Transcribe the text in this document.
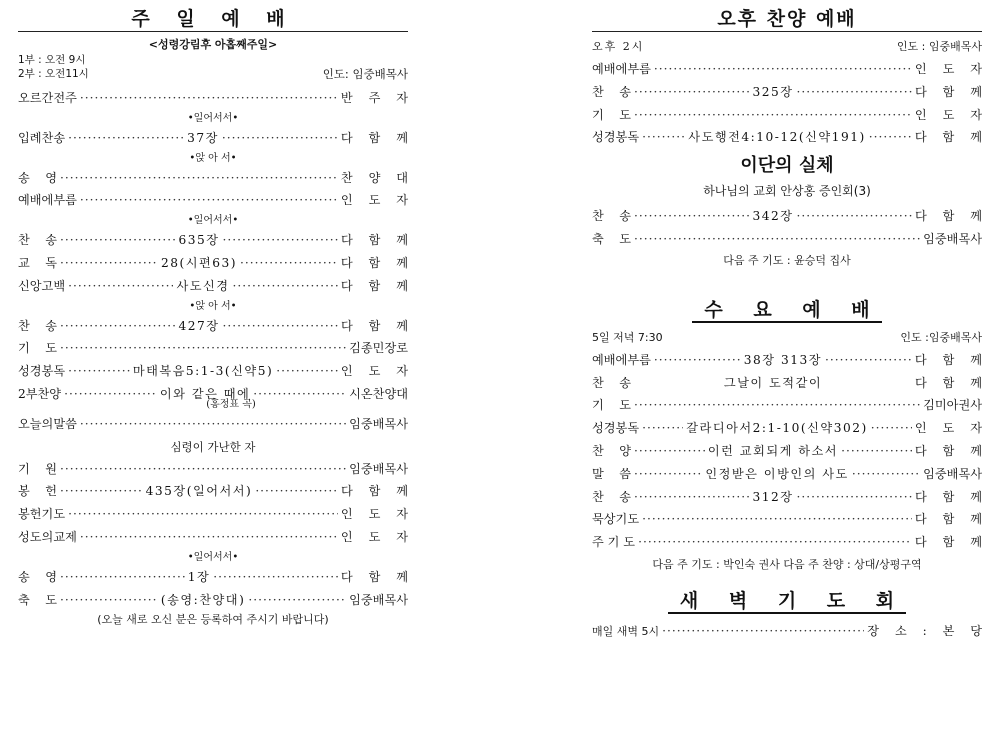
주 일 예 배
<성령강림후 아홉째주일>
1부 : 오전 9시
2부 : 오전11시	인도: 임중배목사
오르간전주 ·····	반 주 자
•일어서서•
입례찬송 ·····	37장 ·····	다 함 께
•앉 아 서•
송    영 ·····	찬 양 대
예배에부름 ·····	인 도 자
•일어서서•
찬    송 ·····	635장 ·····	다 함 께
교    독 ·····	28(시편63) ·····	다 함 께
신앙고백 ·····	사도신경 ·····	다 함 께
•앉 아 서•
찬    송 ·····	427장 ·····	다 함 께
기    도 ·····	김종민장로
성경봉독 ·····	마태복음5:1-3(신약5) ·····	인 도 자
2부찬양 ·····	이와 같은 때에 ·····	시온찬양대
(홍정표 곡)
오늘의말씀 ·····	임중배목사
심령이 가난한 자
기    원 ·····	임중배목사
봉    헌 ·····	435장(일어서서) ·····	다 함 께
봉헌기도 ·····	인 도 자
성도의교제 ·····	인 도 자
•일어서서•
송    영 ·····	1장 ·····	다 함 께
축    도 ·····	(송영:찬양대) ·····	임중배목사
(오늘 새로 오신 분은 등록하여 주시기 바랍니다)
오후 찬양 예배
오후 2시	인도 : 임중배목사
예배에부름 ·····	인 도 자
찬    송 ·····	325장 ·····	다 함 께
기    도 ·····	인 도 자
성경봉독 ·····	사도행전4:10-12(신약191) ·····	다 함 께
이단의 실체
하나님의 교회 안상홍 증인회(3)
찬    송 ·····	342장 ·····	다 함 께
축    도 ·····	임중배목사
다음 주 기도 : 윤승덕 집사
수 요 예 배
5일 저녁 7:30	인도 :임중배목사
예배에부름 ·····	38장 313장 ·····	다 함 께
찬    송	그날이 도적같이	다 함 께
기    도 ·····	김미아권사
성경봉독 ·····	갈라디아서2:1-10(신약302) ·····	인 도 자
찬    양 ·····	이런 교회되게 하소서 ·····	다 함 께
말    씀 ·····	인정받은 이방인의 사도 ·····	임중배목사
찬    송 ·····	312장 ·····	다 함 께
묵상기도 ·····	다 함 께
주 기 도 ·····	다 함 께
다음 주 기도 : 박인숙 권사 다음 주 찬양 : 상대/상평구역
새 벽 기 도 회
매일 새벽 5시 ·····	장 소 : 본 당
